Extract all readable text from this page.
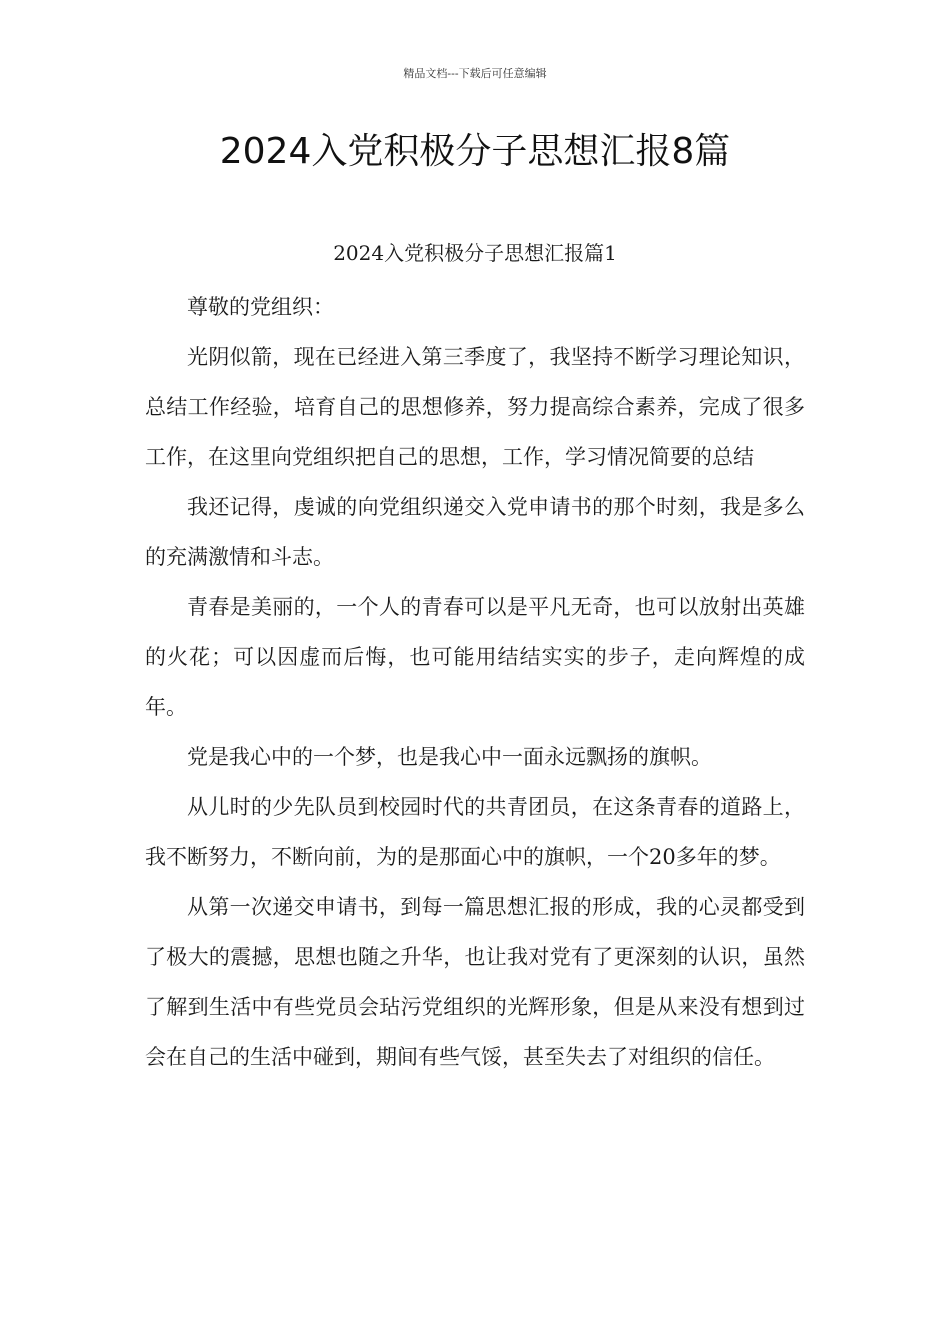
精品文档---下载后可任意编辑
2024入党积极分子思想汇报8篇
2024入党积极分子思想汇报篇1

尊敬的党组织：

光阴似箭，现在已经进入第三季度了，我坚持不断学习理论知识，总结工作经验，培育自己的思想修养，努力提高综合素养，完成了很多工作，在这里向党组织把自己的思想，工作，学习情况简要的总结

我还记得，虔诚的向党组织递交入党申请书的那个时刻，我是多么的充满激情和斗志。

青春是美丽的，一个人的青春可以是平凡无奇，也可以放射出英雄的火花；可以因虚而后悔，也可能用结结实实的步子，走向辉煌的成年。

党是我心中的一个梦，也是我心中一面永远飘扬的旗帜。

从儿时的少先队员到校园时代的共青团员，在这条青春的道路上，我不断努力，不断向前，为的是那面心中的旗帜，一个20多年的梦。

从第一次递交申请书，到每一篇思想汇报的形成，我的心灵都受到了极大的震撼，思想也随之升华，也让我对党有了更深刻的认识，虽然了解到生活中有些党员会玷污党组织的光辉形象，但是从来没有想到过会在自己的生活中碰到，期间有些气馁，甚至失去了对组织的信任。
